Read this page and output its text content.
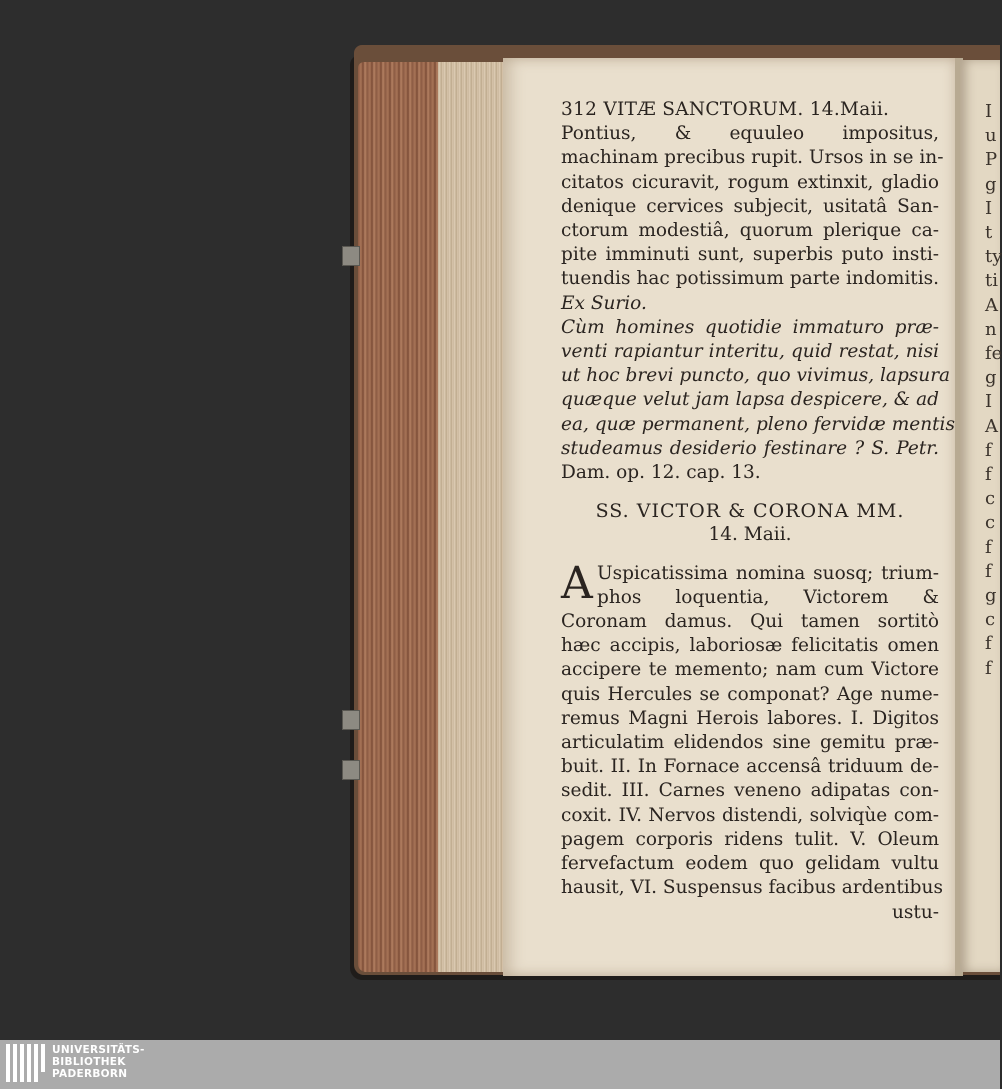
I
u
P
g
I
t
ty
ti
A
n
fe
g
I
A
f
f
c
c
f
f
g
c
f
f
312 VITÆ SANCTORUM. 14.Maii.
Pontius, & equuleo impositus,
machinam precibus rupit. Ursos in se in-
citatos cicuravit, rogum extinxit, gladio
denique cervices subjecit, usitatâ San-
ctorum modestiâ, quorum plerique ca-
pite imminuti sunt, superbis puto insti-
tuendis hac potissimum parte indomitis.
Ex Surio.
Cùm homines quotidie immaturo præ-
venti rapiantur interitu, quid restat, nisi
ut hoc brevi puncto, quo vivimus, lapsura
quæque velut jam lapsa despicere, & ad
ea, quæ permanent, pleno fervidæ mentis
studeamus desiderio festinare ? S. Petr.
Dam. op. 12. cap. 13.
SS. VICTOR & CORONA MM.
14. Maii.
A Uspicatissima nomina suosq; trium-
phos loquentia, Victorem &
Coronam damus. Qui tamen sortitò
hæc accipis, laboriosæ felicitatis omen
accipere te memento; nam cum Victore
quis Hercules se componat? Age nume-
remus Magni Herois labores. I. Digitos
articulatim elidendos sine gemitu præ-
buit. II. In Fornace accensâ triduum de-
sedit. III. Carnes veneno adipatas con-
coxit. IV. Nervos distendi, solviqùe com-
pagem corporis ridens tulit. V. Oleum
fervefactum eodem quo gelidam vultu
hausit, VI. Suspensus facibus ardentibus
ustu-
UNIVERSITÄTS-
BIBLIOTHEK
PADERBORN
